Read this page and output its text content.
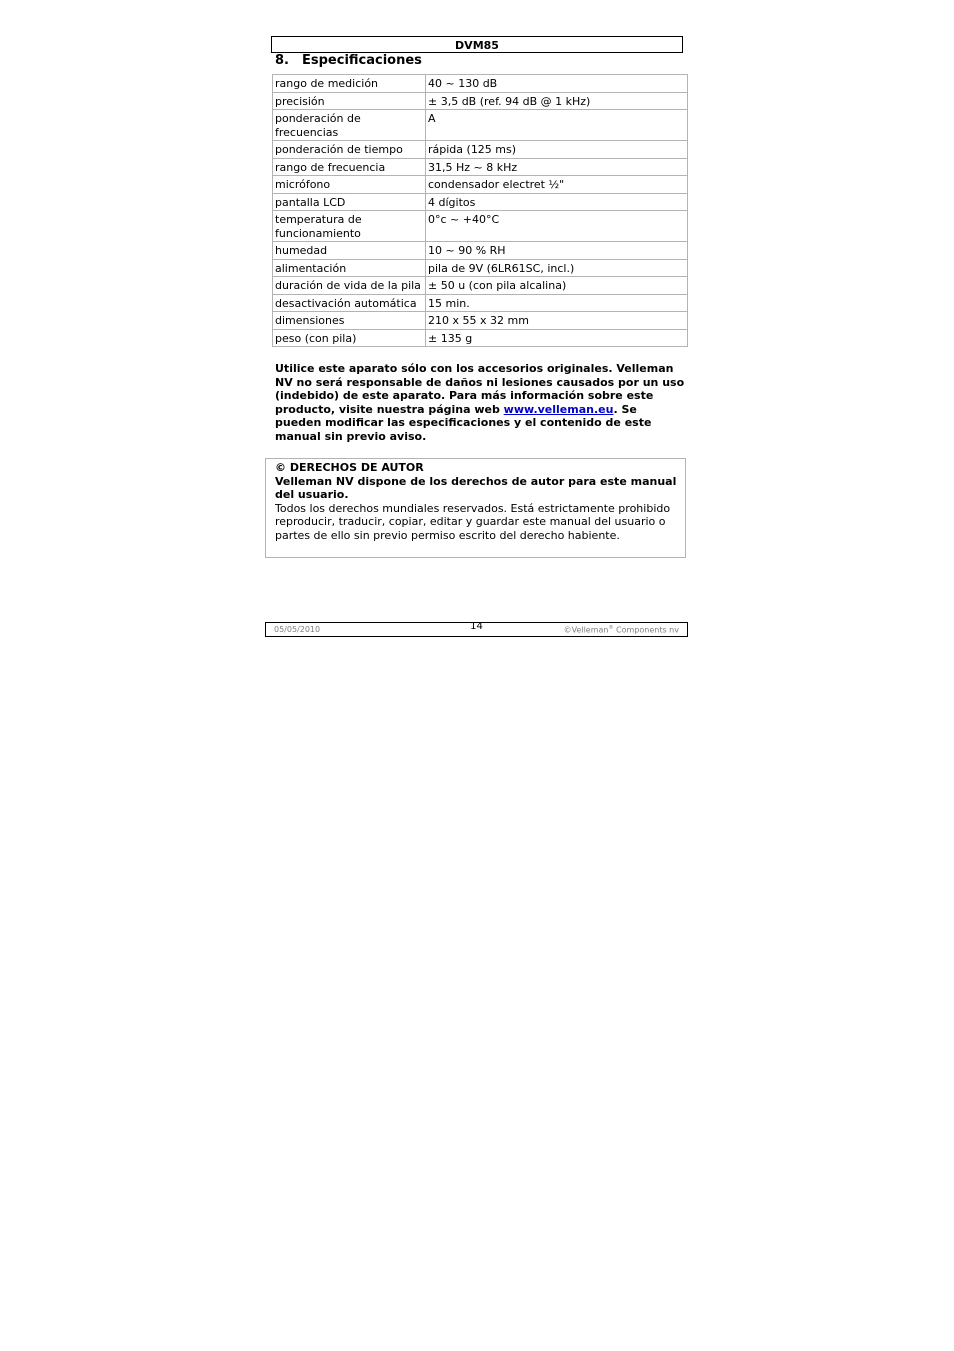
DVM85
8. Especificaciones
rango de medición	40 ~ 130 dB
precisión	± 3,5 dB (ref. 94 dB @ 1 kHz)
ponderación de frecuencias	A
ponderación de tiempo	rápida (125 ms)
rango de frecuencia	31,5 Hz ~ 8 kHz
micrófono	condensador electret ½"
pantalla LCD	4 dígitos
temperatura de funcionamiento	0°c ~ +40°C
humedad	10 ~ 90 % RH
alimentación	pila de 9V (6LR61SC, incl.)
duración de vida de la pila	± 50 u (con pila alcalina)
desactivación automática	15 min.
dimensiones	210 x 55 x 32 mm
peso (con pila)	± 135 g
Utilice este aparato sólo con los accesorios originales. Velleman NV no será responsable de daños ni lesiones causados por un uso (indebido) de este aparato. Para más información sobre este producto, visite nuestra página web www.velleman.eu. Se pueden modificar las especificaciones y el contenido de este manual sin previo aviso.
© DERECHOS DE AUTOR
Velleman NV dispone de los derechos de autor para este manual del usuario.
Todos los derechos mundiales reservados. Está estrictamente prohibido reproducir, traducir, copiar, editar y guardar este manual del usuario o partes de ello sin previo permiso escrito del derecho habiente.
05/05/2010	14	©Velleman® Components nv
